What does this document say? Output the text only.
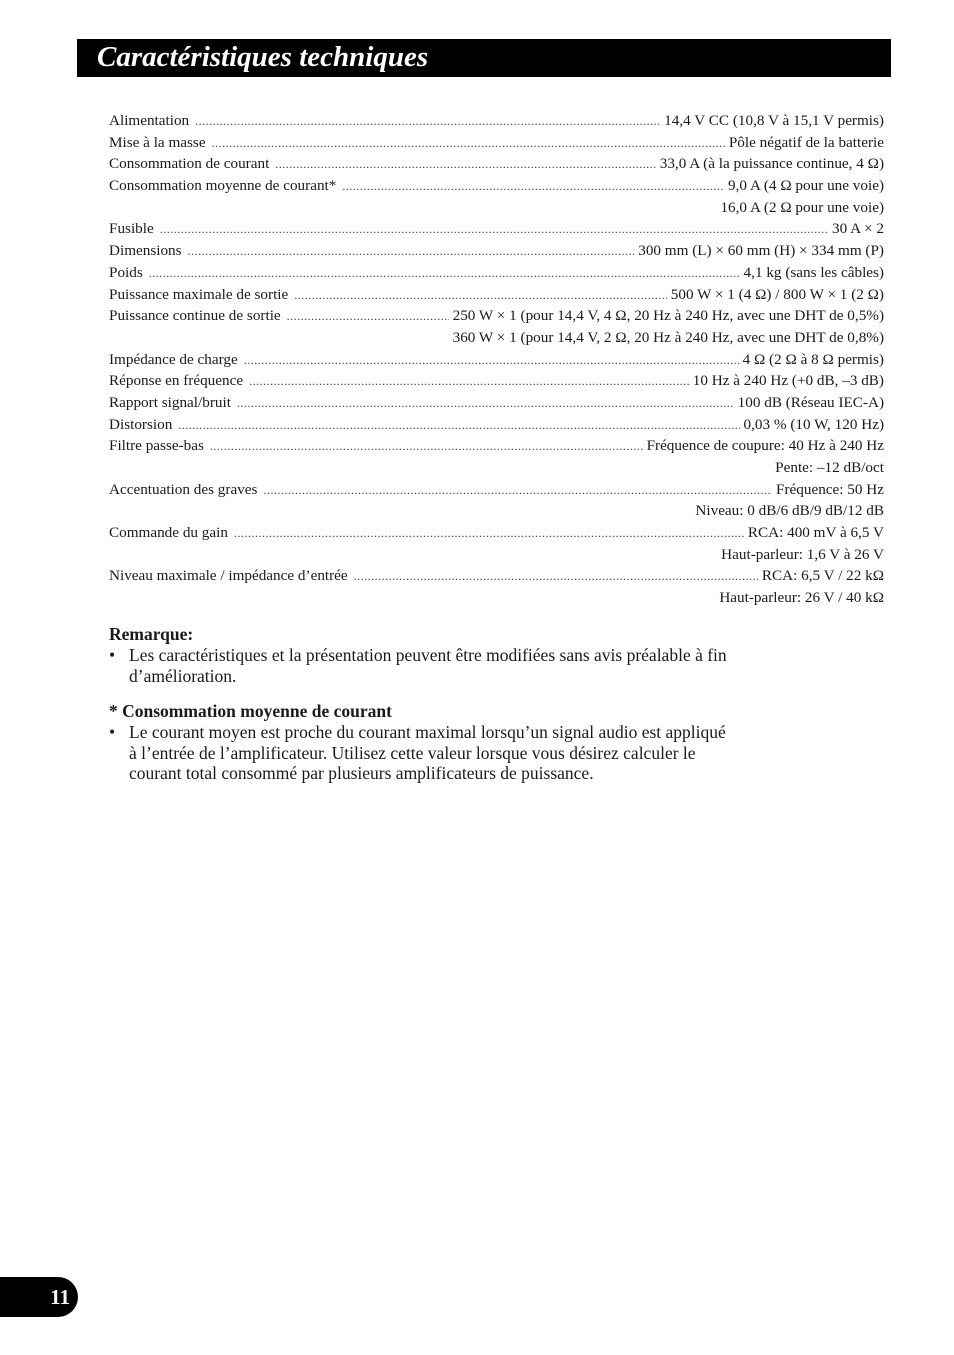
Caractéristiques techniques
Alimentation .....	14,4 V CC (10,8 V à 15,1 V permis)
Mise à la masse .....	Pôle négatif de la batterie
Consommation de courant .....	33,0 A (à la puissance continue, 4 Ω)
Consommation moyenne de courant* .....	9,0 A (4 Ω pour une voie)
16,0 A (2 Ω pour une voie)
Fusible .....	30 A × 2
Dimensions .....	300 mm (L) × 60 mm (H) × 334 mm (P)
Poids .....	4,1 kg (sans les câbles)
Puissance maximale de sortie .....	500 W × 1 (4 Ω) / 800 W × 1 (2 Ω)
Puissance continue de sortie .....	250 W × 1 (pour 14,4 V, 4 Ω, 20 Hz à 240 Hz, avec une DHT de 0,5%)
360 W × 1 (pour 14,4 V, 2 Ω, 20 Hz à 240 Hz, avec une DHT de 0,8%)
Impédance de charge .....	4 Ω (2 Ω à 8 Ω permis)
Réponse en fréquence .....	10 Hz à 240 Hz (+0 dB, –3 dB)
Rapport signal/bruit .....	100 dB (Réseau IEC-A)
Distorsion .....	0,03 % (10 W, 120 Hz)
Filtre passe-bas .....	Fréquence de coupure: 40 Hz à 240 Hz
Pente: –12 dB/oct
Accentuation des graves .....	Fréquence: 50 Hz
Niveau: 0 dB/6 dB/9 dB/12 dB
Commande du gain .....	RCA: 400 mV à 6,5 V
Haut-parleur: 1,6 V à 26 V
Niveau maximale / impédance d’entrée .....	RCA: 6,5 V / 22 kΩ
Haut-parleur: 26 V / 40 kΩ
Remarque:
• Les caractéristiques et la présentation peuvent être modifiées sans avis préalable à fin d’amélioration.
* Consommation moyenne de courant
• Le courant moyen est proche du courant maximal lorsqu’un signal audio est appliqué à l’entrée de l’amplificateur. Utilisez cette valeur lorsque vous désirez calculer le courant total consommé par plusieurs amplificateurs de puissance.
11
